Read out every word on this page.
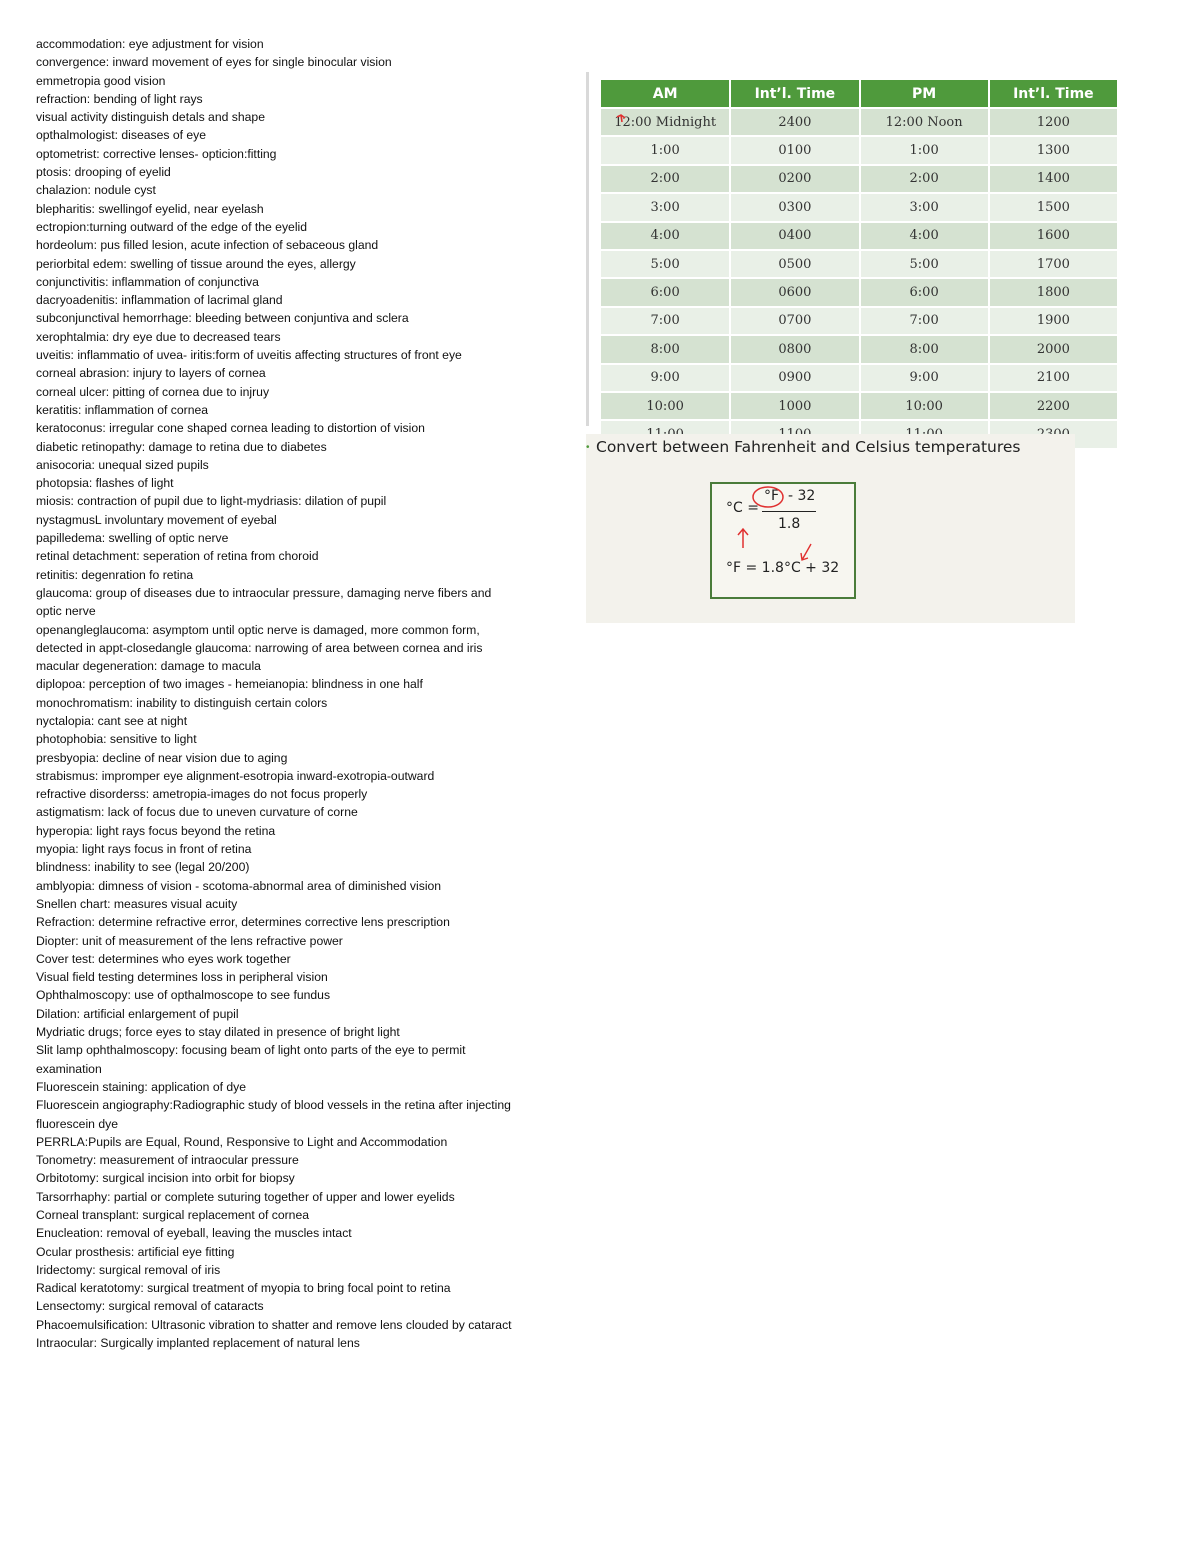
accommodation: eye adjustment for vision
convergence: inward movement of eyes for single binocular vision
emmetropia good vision
refraction: bending of light rays
visual activity distinguish detals and shape
opthalmologist: diseases of eye
optometrist: corrective lenses- opticion:fitting
ptosis: drooping of eyelid
chalazion: nodule cyst
blepharitis: swellingof eyelid, near eyelash
ectropion:turning outward of the edge of the eyelid
hordeolum: pus filled lesion, acute infection of sebaceous gland
periorbital edem: swelling of tissue around the eyes, allergy
conjunctivitis: inflammation of conjunctiva
dacryoadenitis: inflammation of lacrimal gland
subconjunctival hemorrhage: bleeding between conjuntiva and sclera
xerophtalmia: dry eye due to decreased tears
uveitis: inflammatio of uvea- iritis:form of uveitis affecting structures of front eye
corneal abrasion: injury to layers of cornea
corneal ulcer: pitting of cornea due to injruy
keratitis: inflammation of cornea
keratoconus: irregular cone shaped cornea leading to distortion of vision
diabetic retinopathy: damage to retina due to diabetes
anisocoria: unequal sized pupils
photopsia: flashes of light
miosis: contraction of pupil due to light-mydriasis: dilation of pupil
nystagmusL involuntary movement of eyebal
papilledema: swelling of optic nerve
retinal detachment: seperation of retina from choroid
retinitis: degenration fo retina
glaucoma: group of diseases due to intraocular pressure, damaging nerve fibers and optic nerve
openangleglaucoma: asymptom until optic nerve is damaged, more common form, detected in appt-closedangle glaucoma: narrowing of area between cornea and iris
macular degeneration: damage to macula
diplopoa: perception of two images - hemeianopia: blindness in one half
monochromatism: inability to distinguish certain colors
nyctalopia: cant see at night
photophobia: sensitive to light
presbyopia: decline of near vision due to aging
strabismus: impromper eye alignment-esotropia inward-exotropia-outward
refractive disorderss: ametropia-images do not focus properly
astigmatism: lack of focus due to uneven curvature of corne
hyperopia: light rays focus beyond the retina
myopia: light rays focus in front of retina
blindness: inability to see (legal 20/200)
amblyopia: dimness of vision - scotoma-abnormal area of diminished vision
Snellen chart: measures visual acuity
Refraction: determine refractive error, determines corrective lens prescription
Diopter: unit of measurement of the lens refractive power
Cover test: determines who eyes work together
Visual field testing determines loss in peripheral vision
Ophthalmoscopy: use of opthalmoscope to see fundus
Dilation: artificial enlargement of pupil
Mydriatic drugs; force eyes to stay dilated in presence of bright light
Slit lamp ophthalmoscopy: focusing beam of light onto parts of the eye to permit examination
Fluorescein staining: application of dye
Fluorescein angiography:Radiographic study of blood vessels in the retina after injecting fluorescein dye
PERRLA:Pupils are Equal, Round, Responsive to Light and Accommodation
Tonometry: measurement of intraocular pressure
Orbitotomy: surgical incision into orbit for biopsy
Tarsorrhaphy: partial or complete suturing together of upper and lower eyelids
Corneal transplant: surgical replacement of cornea
Enucleation: removal of eyeball, leaving the muscles intact
Ocular prosthesis: artificial eye fitting
Iridectomy: surgical removal of iris
Radical keratotomy: surgical treatment of myopia to bring focal point to retina
Lensectomy: surgical removal of cataracts
Phacoemulsification: Ultrasonic vibration to shatter and remove lens clouded by cataract
Intraocular: Surgically implanted replacement of natural lens
AM	Int’l. Time	PM	Int’l. Time
12:00 Midnight	2400	12:00 Noon	1200
1:00	0100	1:00	1300
2:00	0200	2:00	1400
3:00	0300	3:00	1500
4:00	0400	4:00	1600
5:00	0500	5:00	1700
6:00	0600	6:00	1800
7:00	0700	7:00	1900
8:00	0800	8:00	2000
9:00	0900	9:00	2100
10:00	1000	10:00	2200

• Convert between Fahrenheit and Celsius temperatures
°C =
°F - 32
1.8
°F = 1.8°C + 32
